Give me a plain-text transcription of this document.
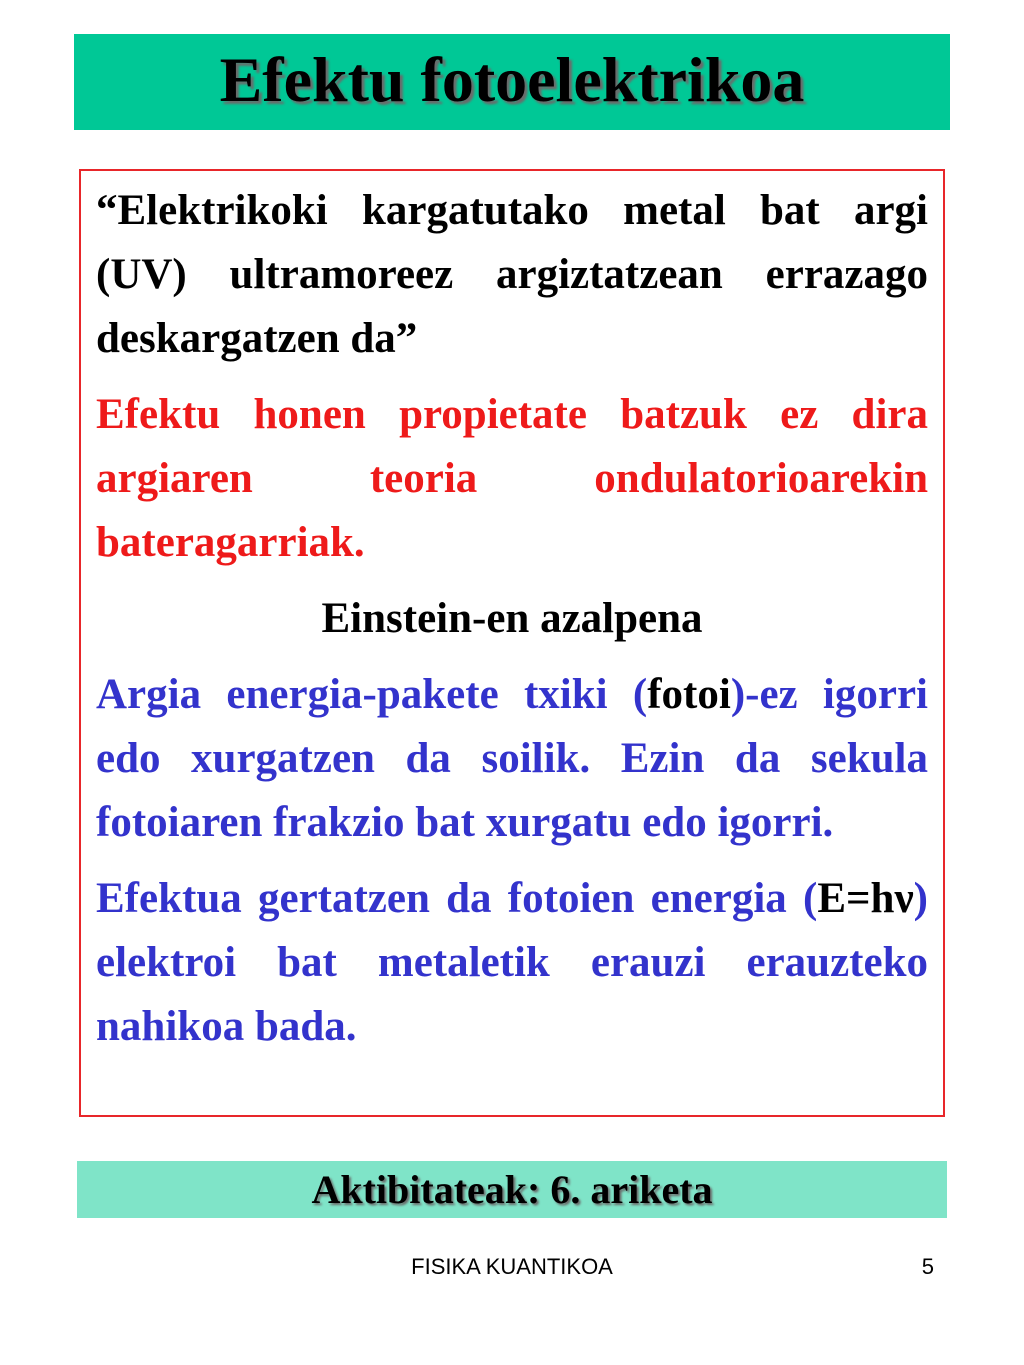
Efektu fotoelektrikoa

“Elektrikoki kargatutako metal bat argi (UV) ultramoreez argiztatzean errazago deskargatzen da”

Efektu honen propietate batzuk ez dira argiaren teoria ondulatorioarekin bateragarriak.

Einstein-en azalpena

Argia energia-pakete txiki (fotoi)-ez igorri edo xurgatzen da soilik. Ezin da sekula fotoiaren frakzio bat xurgatu edo igorri.

Efektua gertatzen da fotoien energia (E=hν) elektroi bat metaletik erauzi erauzteko nahikoa bada.

Aktibitateak: 6. ariketa
FISIKA KUANTIKOA	5
